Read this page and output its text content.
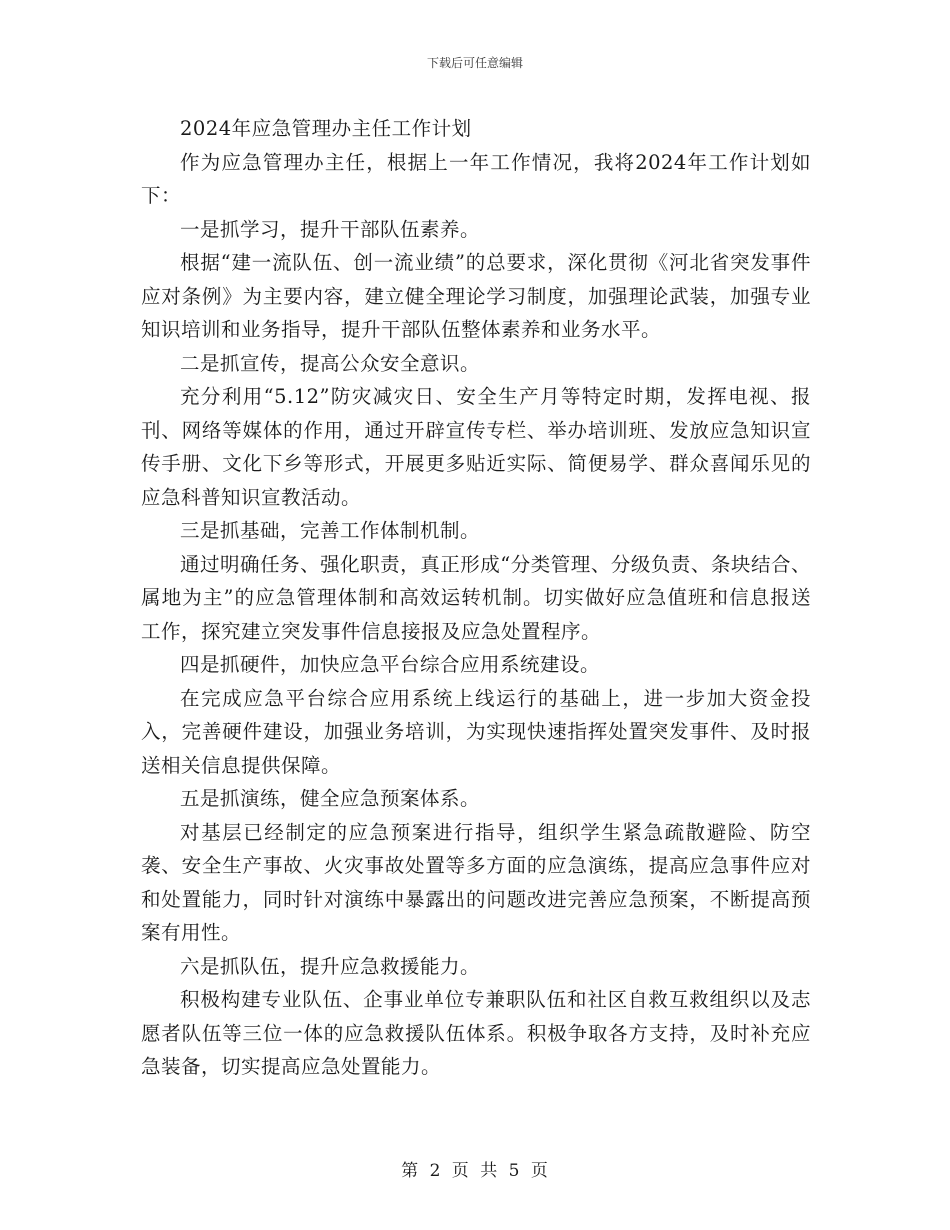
下载后可任意编辑

2024年应急管理办主任工作计划

作为应急管理办主任，根据上一年工作情况，我将2024年工作计划如下：

一是抓学习，提升干部队伍素养。

根据“建一流队伍、创一流业绩”的总要求，深化贯彻《河北省突发事件应对条例》为主要内容，建立健全理论学习制度，加强理论武装，加强专业知识培训和业务指导，提升干部队伍整体素养和业务水平。

二是抓宣传，提高公众安全意识。

充分利用“5.12”防灾减灾日、安全生产月等特定时期，发挥电视、报刊、网络等媒体的作用，通过开辟宣传专栏、举办培训班、发放应急知识宣传手册、文化下乡等形式，开展更多贴近实际、简便易学、群众喜闻乐见的应急科普知识宣教活动。

三是抓基础，完善工作体制机制。

通过明确任务、强化职责，真正形成“分类管理、分级负责、条块结合、属地为主”的应急管理体制和高效运转机制。切实做好应急值班和信息报送工作，探究建立突发事件信息接报及应急处置程序。

四是抓硬件，加快应急平台综合应用系统建设。

在完成应急平台综合应用系统上线运行的基础上，进一步加大资金投入，完善硬件建设，加强业务培训，为实现快速指挥处置突发事件、及时报送相关信息提供保障。

五是抓演练，健全应急预案体系。

对基层已经制定的应急预案进行指导，组织学生紧急疏散避险、防空袭、安全生产事故、火灾事故处置等多方面的应急演练，提高应急事件应对和处置能力，同时针对演练中暴露出的问题改进完善应急预案，不断提高预案有用性。

六是抓队伍，提升应急救援能力。

积极构建专业队伍、企事业单位专兼职队伍和社区自救互救组织以及志愿者队伍等三位一体的应急救援队伍体系。积极争取各方支持，及时补充应急装备，切实提高应急处置能力。

第 2 页 共 5 页
